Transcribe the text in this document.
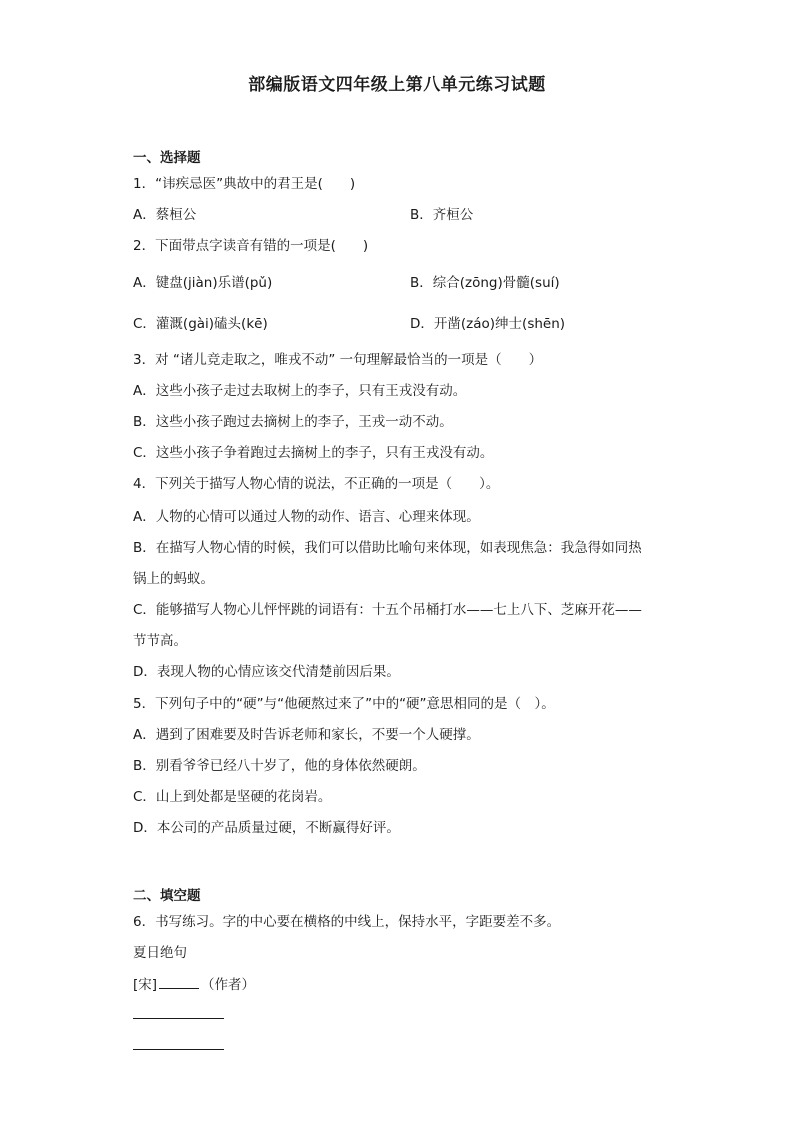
部编版语文四年级上第八单元练习试题
一、选择题
1．“讳疾忌医”典故中的君王是(　　)
A．蔡桓公	B．齐桓公
2．下面带点字读音有错的一项是(　　)
A．键盘(jiàn)乐谱(pǔ)	B．综合(zōng)骨髓(suí)
C．灌溉(gài)磕头(kē)	D．开凿(záo)绅士(shēn)
3．对 “诸儿竞走取之，唯戎不动” 一句理解最恰当的一项是（　　）
A．这些小孩子走过去取树上的李子，只有王戎没有动。
B．这些小孩子跑过去摘树上的李子，王戎一动不动。
C．这些小孩子争着跑过去摘树上的李子，只有王戎没有动。
4．下列关于描写人物心情的说法，不正确的一项是（　　）。
A．人物的心情可以通过人物的动作、语言、心理来体现。
B．在描写人物心情的时候，我们可以借助比喻句来体现，如表现焦急：我急得如同热
锅上的蚂蚁。
C．能够描写人物心儿怦怦跳的词语有：十五个吊桶打水——七上八下、芝麻开花——
节节高。
D．表现人物的心情应该交代清楚前因后果。
5．下列句子中的“硬”与“他硬熬过来了”中的“硬”意思相同的是（　）。
A．遇到了困难要及时告诉老师和家长，不要一个人硬撑。
B．别看爷爷已经八十岁了，他的身体依然硬朗。
C．山上到处都是坚硬的花岗岩。
D．本公司的产品质量过硬，不断赢得好评。
二、填空题
6．书写练习。字的中心要在横格的中线上，保持水平，字距要差不多。
夏日绝句
[宋]	（作者）
